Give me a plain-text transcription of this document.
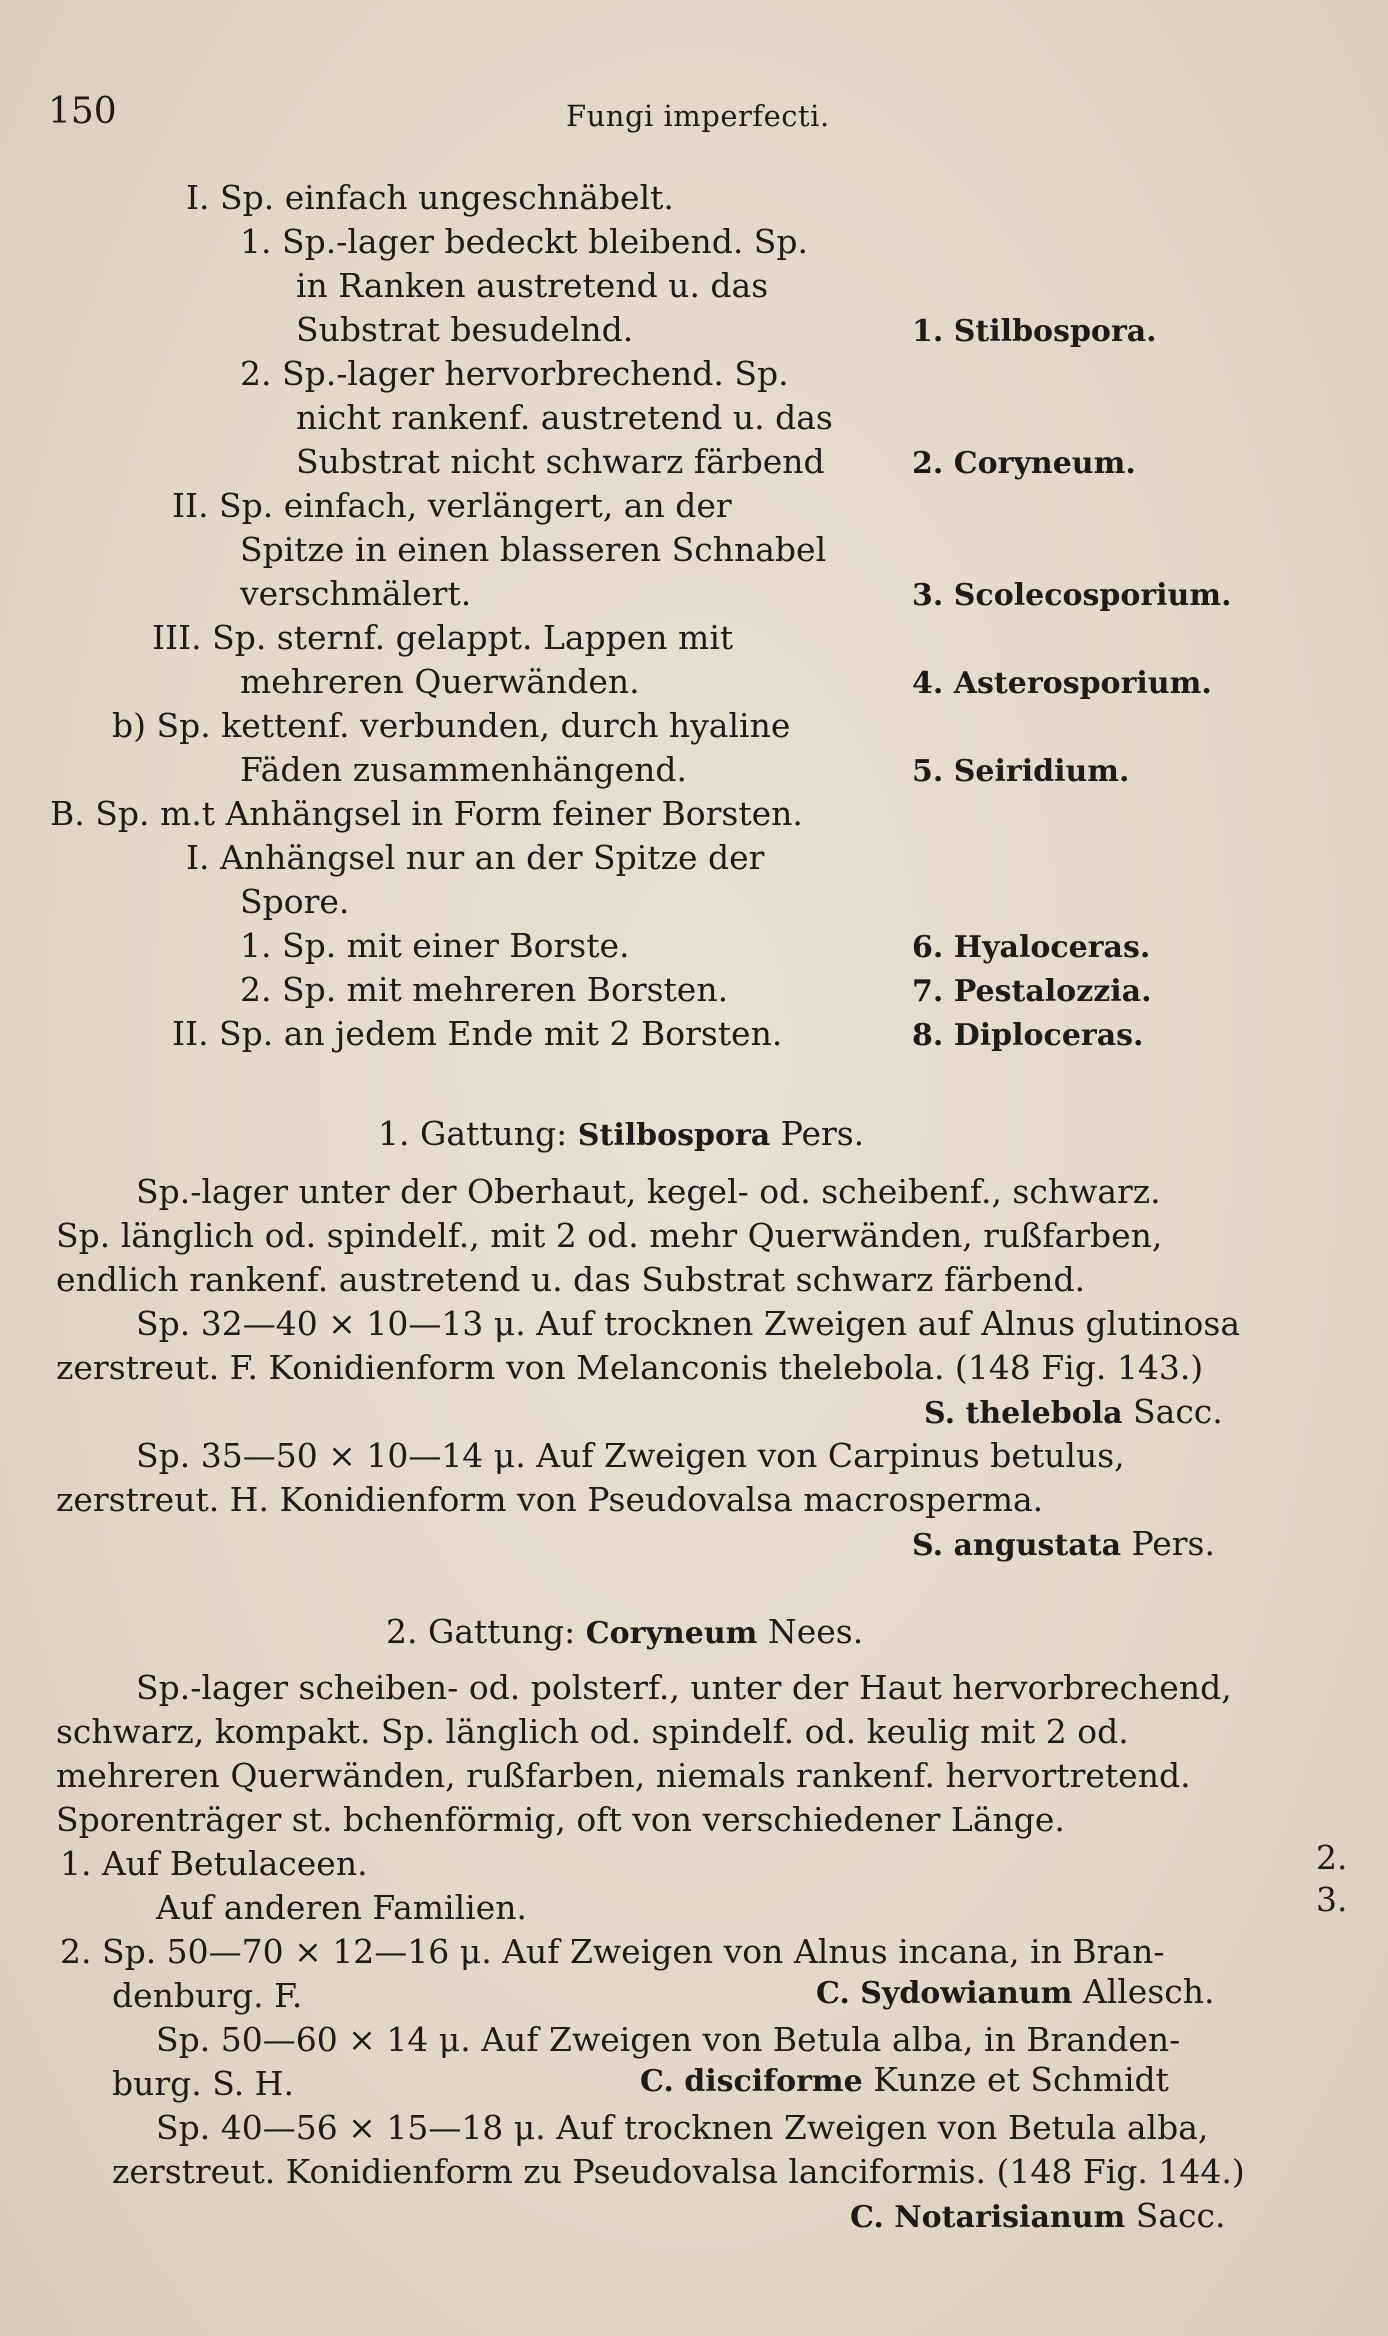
150	Fungi imperfecti.
I. Sp. einfach ungeschnäbelt.
1. Sp.-lager bedeckt bleibend. Sp.
in Ranken austretend u. das
Substrat besudelnd.	1. Stilbospora.
2. Sp.-lager hervorbrechend. Sp.
nicht rankenf. austretend u. das
Substrat nicht schwarz färbend	2. Coryneum.
II. Sp. einfach, verlängert, an der
Spitze in einen blasseren Schnabel
verschmälert.	3. Scolecosporium.
III. Sp. sternf. gelappt. Lappen mit
mehreren Querwänden.	4. Asterosporium.
b) Sp. kettenf. verbunden, durch hyaline
Fäden zusammenhängend.	5. Seiridium.
B. Sp. m.t Anhängsel in Form feiner Borsten.
I. Anhängsel nur an der Spitze der
Spore.
1. Sp. mit einer Borste.	6. Hyaloceras.
2. Sp. mit mehreren Borsten.	7. Pestalozzia.
II. Sp. an jedem Ende mit 2 Borsten.	8. Diploceras.
1. Gattung: Stilbospora Pers.
Sp.-lager unter der Oberhaut, kegel- od. scheibenf., schwarz.
Sp. länglich od. spindelf., mit 2 od. mehr Querwänden, rußfarben,
endlich rankenf. austretend u. das Substrat schwarz färbend.
Sp. 32—40 × 10—13 μ. Auf trocknen Zweigen auf Alnus glutinosa
zerstreut. F. Konidienform von Melanconis thelebola. (148 Fig. 143.)
S. thelebola Sacc.
Sp. 35—50 × 10—14 μ. Auf Zweigen von Carpinus betulus,
zerstreut. H. Konidienform von Pseudovalsa macrosperma.
S. angustata Pers.
2. Gattung: Coryneum Nees.
Sp.-lager scheiben- od. polsterf., unter der Haut hervorbrechend,
schwarz, kompakt. Sp. länglich od. spindelf. od. keulig mit 2 od.
mehreren Querwänden, rußfarben, niemals rankenf. hervortretend.
Sporenträger st. bchenförmig, oft von verschiedener Länge.
1. Auf Betulaceen.	2.
Auf anderen Familien.	3.
2. Sp. 50—70 × 12—16 μ. Auf Zweigen von Alnus incana, in Bran-
denburg. F.	C. Sydowianum Allesch.
Sp. 50—60 × 14 μ. Auf Zweigen von Betula alba, in Branden-
burg. S. H.	C. disciforme Kunze et Schmidt
Sp. 40—56 × 15—18 μ. Auf trocknen Zweigen von Betula alba,
zerstreut. Konidienform zu Pseudovalsa lanciformis. (148 Fig. 144.)
C. Notarisianum Sacc.
